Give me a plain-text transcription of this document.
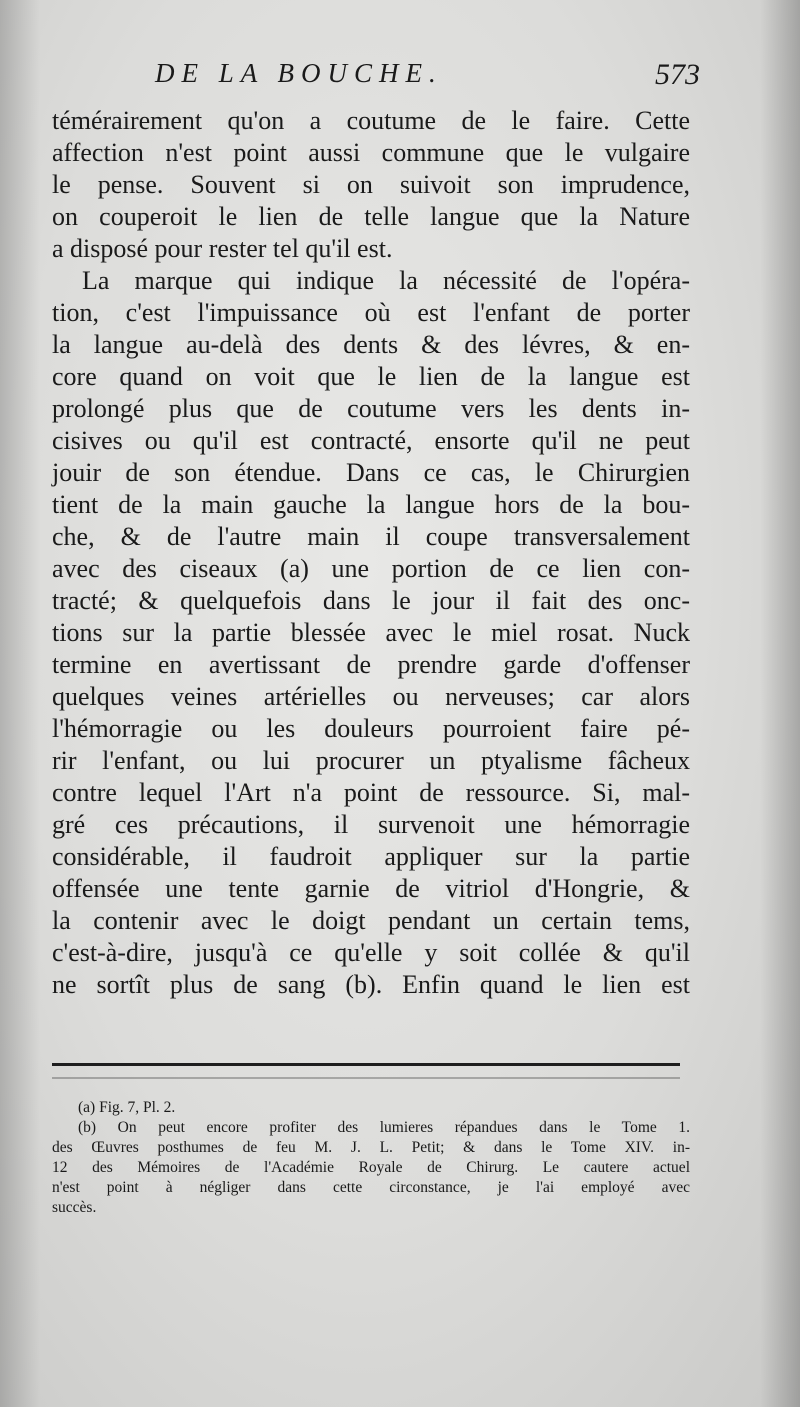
DE LA BOUCHE.	573
témérairement qu'on a coutume de le faire. Cette
affection n'est point aussi commune que le vulgaire
le pense. Souvent si on suivoit son imprudence,
on couperoit le lien de telle langue que la Nature
a disposé pour rester tel qu'il est.
La marque qui indique la nécessité de l'opéra-
tion, c'est l'impuissance où est l'enfant de porter
la langue au-delà des dents & des lévres, & en-
core quand on voit que le lien de la langue est
prolongé plus que de coutume vers les dents in-
cisives ou qu'il est contracté, ensorte qu'il ne peut
jouir de son étendue. Dans ce cas, le Chirurgien
tient de la main gauche la langue hors de la bou-
che, & de l'autre main il coupe transversalement
avec des ciseaux (a) une portion de ce lien con-
tracté; & quelquefois dans le jour il fait des onc-
tions sur la partie blessée avec le miel rosat. Nuck
termine en avertissant de prendre garde d'offenser
quelques veines artérielles ou nerveuses; car alors
l'hémorragie ou les douleurs pourroient faire pé-
rir l'enfant, ou lui procurer un ptyalisme fâcheux
contre lequel l'Art n'a point de ressource. Si, mal-
gré ces précautions, il survenoit une hémorragie
considérable, il faudroit appliquer sur la partie
offensée une tente garnie de vitriol d'Hongrie, &
la contenir avec le doigt pendant un certain tems,
c'est-à-dire, jusqu'à ce qu'elle y soit collée & qu'il
ne sortît plus de sang (b). Enfin quand le lien est
(a) Fig. 7, Pl. 2.
(b) On peut encore profiter des lumieres répandues dans le Tome 1.
des Œuvres posthumes de feu M. J. L. Petit; & dans le Tome XIV. in-
12 des Mémoires de l'Académie Royale de Chirurg. Le cautere actuel
n'est point à négliger dans cette circonstance, je l'ai employé avec
succès.
